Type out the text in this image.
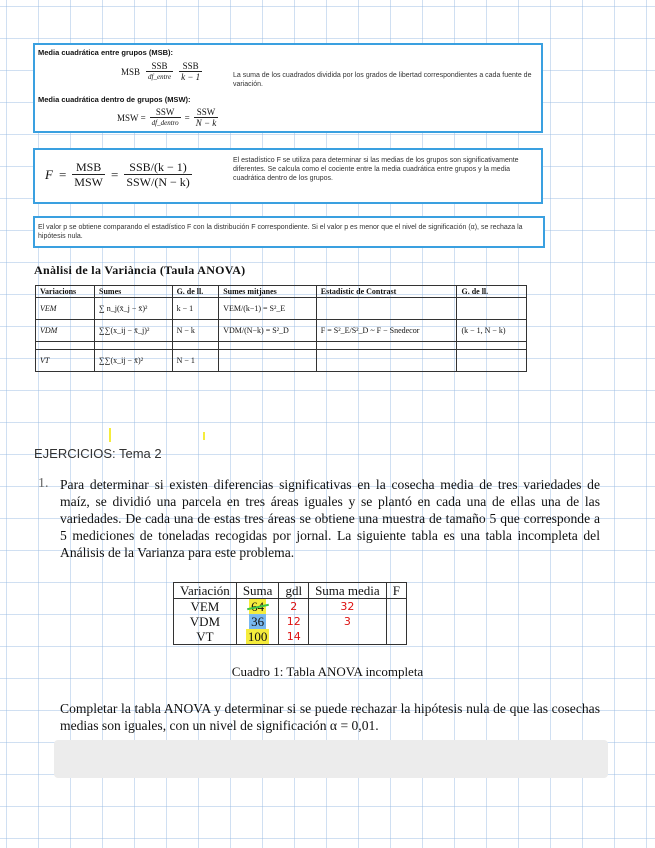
Media cuadrática entre grupos (MSB):
MSB $\frac{\text{SSB}}{\text{df\_entre}} \frac{\text{SSB}}{k - 1}$	La suma de los cuadrados dividida por los grados de libertad correspondientes a cada fuente de variación.
Media cuadrática dentro de grupos (MSW):
MSW = $\frac{\text{SSW}}{\text{df\_dentro}} = \frac{\text{SSW}}{N - k}$
$F = \frac{\text{MSB}}{\text{MSW}} = \frac{\text{SSB/(k − 1)}}{\text{SSW/(N − k)}}$	El estadístico F se utiliza para determinar si las medias de los grupos son significativamente diferentes. Se calcula como el cociente entre la media cuadrática entre grupos y la media cuadrática dentro de los grupos.
El valor p se obtiene comparando el estadístico F con la distribución F correspondiente. Si el valor p es menor que el nivel de significación (α), se rechaza la hipótesis nula.
Anàlisi de la Variància (Taula ANOVA)
Variacions	Sumes	G. de ll.	Sumes mitjanes	Estadístic de Contrast	G. de ll.
VEM	∑ n_j(x̄_j − x̄)²	k − 1	VEM/(k−1) = S²_E		
VDM	∑∑(x_ij − x̄_j)²	N − k	VDM/(N−k) = S²_D	F = S²_E/S²_D ~ F − Snedecor	(k − 1, N − k)

VT	∑∑(x_ij − x̄)²	N − 1			
EJERCICIOS: Tema 2
1. Para determinar si existen diferencias significativas en la cosecha media de tres variedades de maíz, se dividió una parcela en tres áreas iguales y se plantó en cada una de ellas una de las variedades. De cada una de estas tres áreas se obtiene una muestra de tamaño 5 que corresponde a 5 mediciones de toneladas recogidas por jornal. La siguiente tabla es una tabla incompleta del Análisis de la Varianza para este problema.
Variación	Suma	gdl	Suma media	F
VEM		2	32	
VDM	36	12	3	
VT	100	14		
Cuadro 1: Tabla ANOVA incompleta
Completar la tabla ANOVA y determinar si se puede rechazar la hipótesis nula de que las cosechas medias son iguales, con un nivel de significación α = 0,01.
